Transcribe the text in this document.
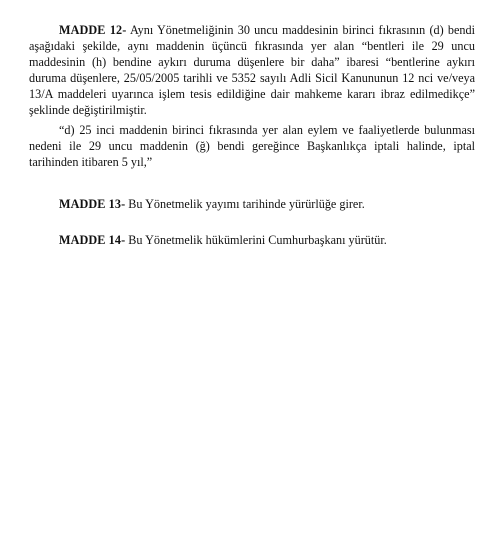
MADDE 12- Aynı Yönetmeliğinin 30 uncu maddesinin birinci fıkrasının (d) bendi aşağıdaki şekilde, aynı maddenin üçüncü fıkrasında yer alan “bentleri ile 29 uncu maddesinin (h) bendine aykırı duruma düşenlere bir daha” ibaresi “bentlerine aykırı duruma düşenlere, 25/05/2005 tarihli ve 5352 sayılı Adli Sicil Kanununun 12 nci ve/veya 13/A maddeleri uyarınca işlem tesis edildiğine dair mahkeme kararı ibraz edilmedikçe” şeklinde değiştirilmiştir.

“d) 25 inci maddenin birinci fıkrasında yer alan eylem ve faaliyetlerde bulunması nedeni ile 29 uncu maddenin (ğ) bendi gereğince Başkanlıkça iptali halinde, iptal tarihinden itibaren 5 yıl,”

MADDE 13- Bu Yönetmelik yayımı tarihinde yürürlüğe girer.

MADDE 14- Bu Yönetmelik hükümlerini Cumhurbaşkanı yürütür.
